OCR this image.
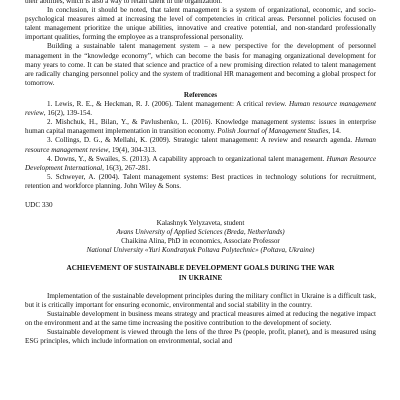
their abilities, which is also a way to retain talent in the organization.

In conclusion, it should be noted, that talent management is a system of organizational, economic, and socio-psychological measures aimed at increasing the level of competencies in critical areas. Personnel policies focused on talent management prioritize the unique abilities, innovative and creative potential, and non-standard professionally important qualities, forming the employee as a transprofessional personality.

Building a sustainable talent management system – a new perspective for the development of personnel management in the “knowledge economy”, which can become the basis for managing organizational development for many years to come. It can be stated that science and practice of a new promising direction related to talent management are radically changing personnel policy and the system of traditional HR management and becoming a global prospect for tomorrow.

References

1. Lewis, R. E., & Heckman, R. J. (2006). Talent management: A critical review. Human resource management review, 16(2), 139-154.

2. Mishchuk, H., Bilan, Y., & Pavlushenko, L. (2016). Knowledge management systems: issues in enterprise human capital management implementation in transition economy. Polish Journal of Management Studies, 14.

3. Collings, D. G., & Mellahi, K. (2009). Strategic talent management: A review and research agenda. Human resource management review, 19(4), 304-313.

4. Downs, Y., & Swailes, S. (2013). A capability approach to organizational talent management. Human Resource Development International, 16(3), 267-281.

5. Schweyer, A. (2004). Talent management systems: Best practices in technology solutions for recruitment, retention and workforce planning. John Wiley & Sons.

UDC 330

Kalashnyk Yelyzaveta, student

Avans University of Applied Sciences (Breda, Netherlands)

Chaikina Alina, PhD in economics, Associate Professor

National University «Yuri Kondratyuk Poltava Polytechnic» (Poltava, Ukraine)

ACHIEVEMENT OF SUSTAINABLE DEVELOPMENT GOALS DURING THE WAR IN UKRAINE

Implementation of the sustainable development principles during the military conflict in Ukraine is a difficult task, but it is critically important for ensuring economic, environmental and social stability in the country.

Sustainable development in business means strategy and practical measures aimed at reducing the negative impact on the environment and at the same time increasing the positive contribution to the development of society.

Sustainable development is viewed through the lens of the three Ps (people, profit, planet), and is measured using ESG principles, which include information on environmental, social and
